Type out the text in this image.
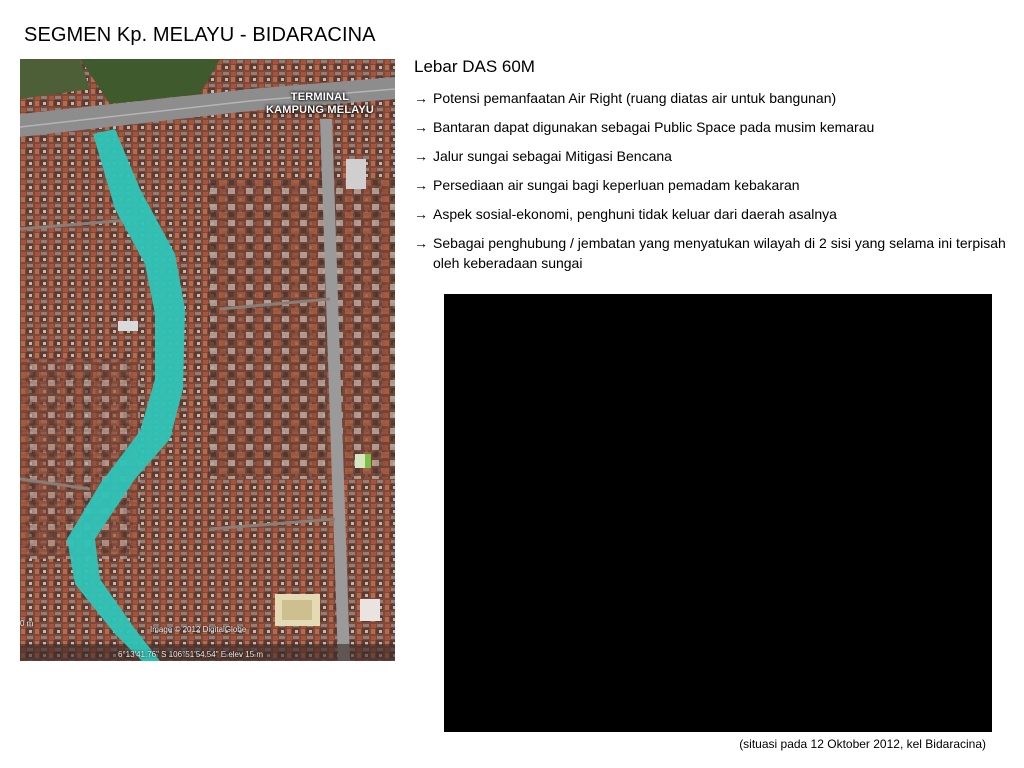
SEGMEN Kp. MELAYU - BIDARACINA
TERMINAL
KAMPUNG MELAYU
0 m
Image © 2012 DigitalGlobe
6°13'41.76" S 106°51'54.54" E elev 15 m
Lebar DAS 60M
→ Potensi pemanfaatan Air Right (ruang diatas air untuk bangunan)
→ Bantaran dapat digunakan sebagai Public Space pada musim kemarau
→ Jalur sungai sebagai Mitigasi Bencana
→ Persediaan air sungai bagi keperluan pemadam kebakaran
→ Aspek sosial-ekonomi, penghuni tidak keluar dari daerah asalnya
→ Sebagai penghubung / jembatan yang menyatukan wilayah di 2 sisi yang selama ini terpisah oleh keberadaan sungai
(situasi pada 12 Oktober 2012, kel Bidaracina)
